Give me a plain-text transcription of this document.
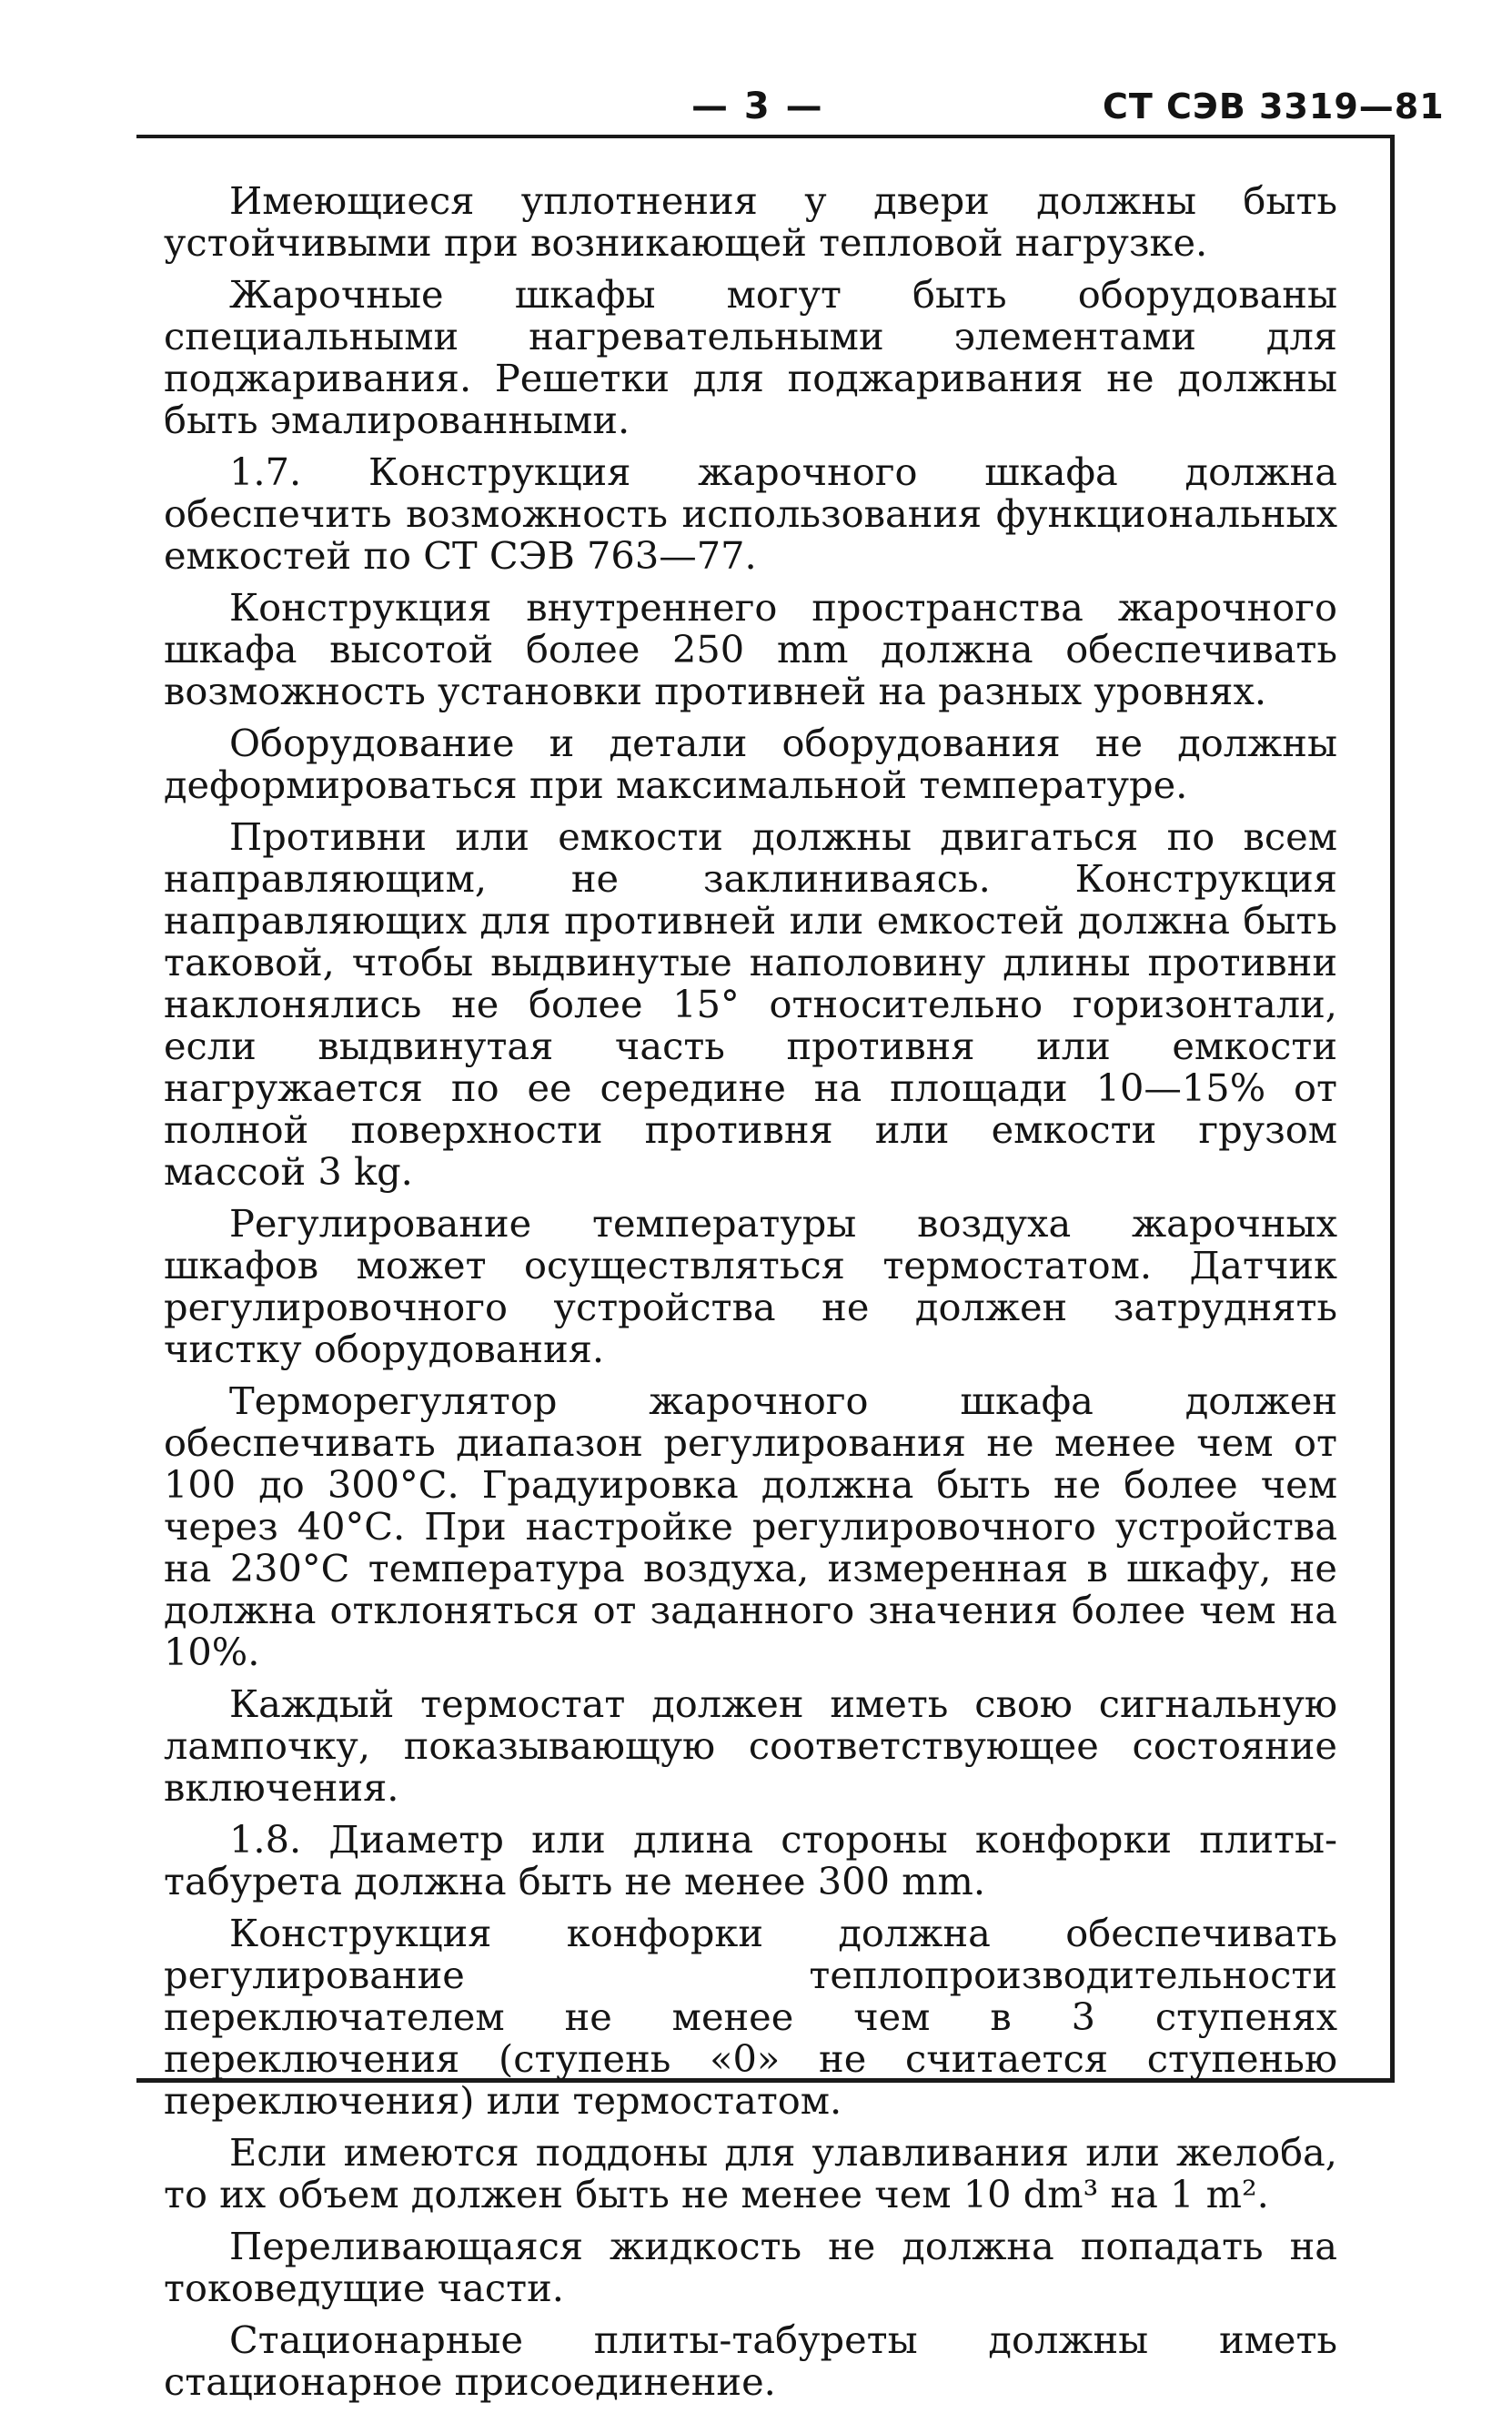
— 3 —	СТ СЭВ 3319—81

Имеющиеся уплотнения у двери должны быть устойчивыми при возникающей тепловой нагрузке.

Жарочные шкафы могут быть оборудованы специальными нагревательными элементами для поджаривания. Решетки для поджаривания не должны быть эмалированными.

1.7. Конструкция жарочного шкафа должна обеспечить возможность использования функциональных емкостей по СТ СЭВ 763—77.

Конструкция внутреннего пространства жарочного шкафа высотой более 250 mm должна обеспечивать возможность установки противней на разных уровнях.

Оборудование и детали оборудования не должны деформироваться при максимальной температуре.

Противни или емкости должны двигаться по всем направляющим, не заклиниваясь. Конструкция направляющих для противней или емкостей должна быть таковой, чтобы выдвинутые наполовину длины противни наклонялись не более 15° относительно горизонтали, если выдвинутая часть противня или емкости нагружается по ее середине на площади 10—15% от полной поверхности противня или емкости грузом массой 3 kg.

Регулирование температуры воздуха жарочных шкафов может осуществляться термостатом. Датчик регулировочного устройства не должен затруднять чистку оборудования.

Терморегулятор жарочного шкафа должен обеспечивать диапазон регулирования не менее чем от 100 до 300°С. Градуировка должна быть не более чем через 40°С. При настройке регулировочного устройства на 230°С температура воздуха, измеренная в шкафу, не должна отклоняться от заданного значения более чем на 10%.

Каждый термостат должен иметь свою сигнальную лампочку, показывающую соответствующее состояние включения.

1.8. Диаметр или длина стороны конфорки плиты-табурета должна быть не менее 300 mm.

Конструкция конфорки должна обеспечивать регулирование теплопроизводительности переключателем не менее чем в 3 ступенях переключения (ступень «0» не считается ступенью переключения) или термостатом.

Если имеются поддоны для улавливания или желоба, то их объем должен быть не менее чем 10 dm³ на 1 m².

Переливающаяся жидкость не должна попадать на токоведущие части.

Стационарные плиты-табуреты должны иметь стационарное присоединение.
